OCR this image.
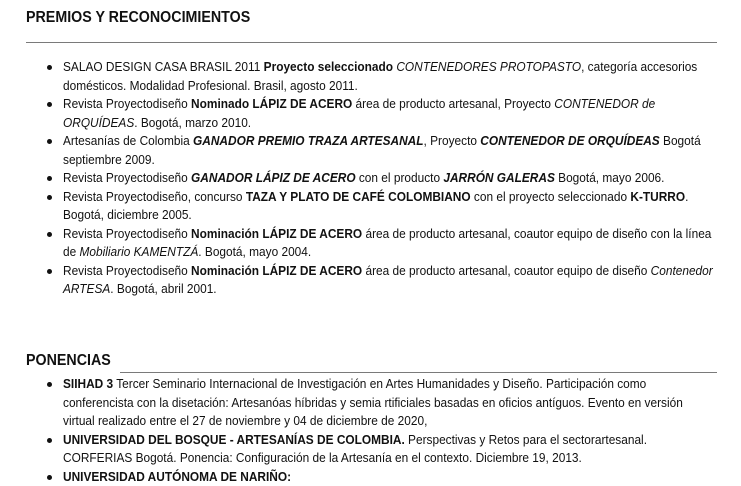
PREMIOS Y RECONOCIMIENTOS
SALAO DESIGN CASA BRASIL 2011 Proyecto seleccionado CONTENEDORES PROTOPASTO, categoría accesorios domésticos. Modalidad Profesional. Brasil, agosto 2011.
Revista Proyectodiseño Nominado LÁPIZ DE ACERO área de producto artesanal, Proyecto CONTENEDOR de ORQUÍDEAS. Bogotá, marzo 2010.
Artesanías de Colombia GANADOR PREMIO TRAZA ARTESANAL, Proyecto CONTENEDOR DE ORQUÍDEAS Bogotá septiembre 2009.
Revista Proyectodiseño GANADOR LÁPIZ DE ACERO con el producto JARRÓN GALERAS Bogotá, mayo 2006.
Revista Proyectodiseño, concurso TAZA Y PLATO DE CAFÉ COLOMBIANO con el proyecto seleccionado K-TURRO. Bogotá, diciembre 2005.
Revista Proyectodiseño Nominación LÁPIZ DE ACERO área de producto artesanal, coautor equipo de diseño con la línea de Mobiliario KAMENTZÁ. Bogotá, mayo 2004.
Revista Proyectodiseño Nominación LÁPIZ DE ACERO área de producto artesanal, coautor equipo de diseño Contenedor ARTESA. Bogotá, abril 2001.
PONENCIAS
SIIHAD 3 Tercer Seminario Internacional de Investigación en Artes Humanidades y Diseño. Participación como conferencista con la disetación: Artesanóas híbridas y semia rtificiales basadas en oficios antíguos. Evento en versión virtual realizado entre el 27 de noviembre y 04 de diciembre de 2020,
UNIVERSIDAD DEL BOSQUE - ARTESANÍAS DE COLOMBIA. Perspectivas y Retos para el sectorartesanal. CORFERIAS Bogotá. Ponencia: Configuración de la Artesanía en el contexto. Diciembre 19, 2013.
UNIVERSIDAD AUTÓNOMA DE NARIÑO:
